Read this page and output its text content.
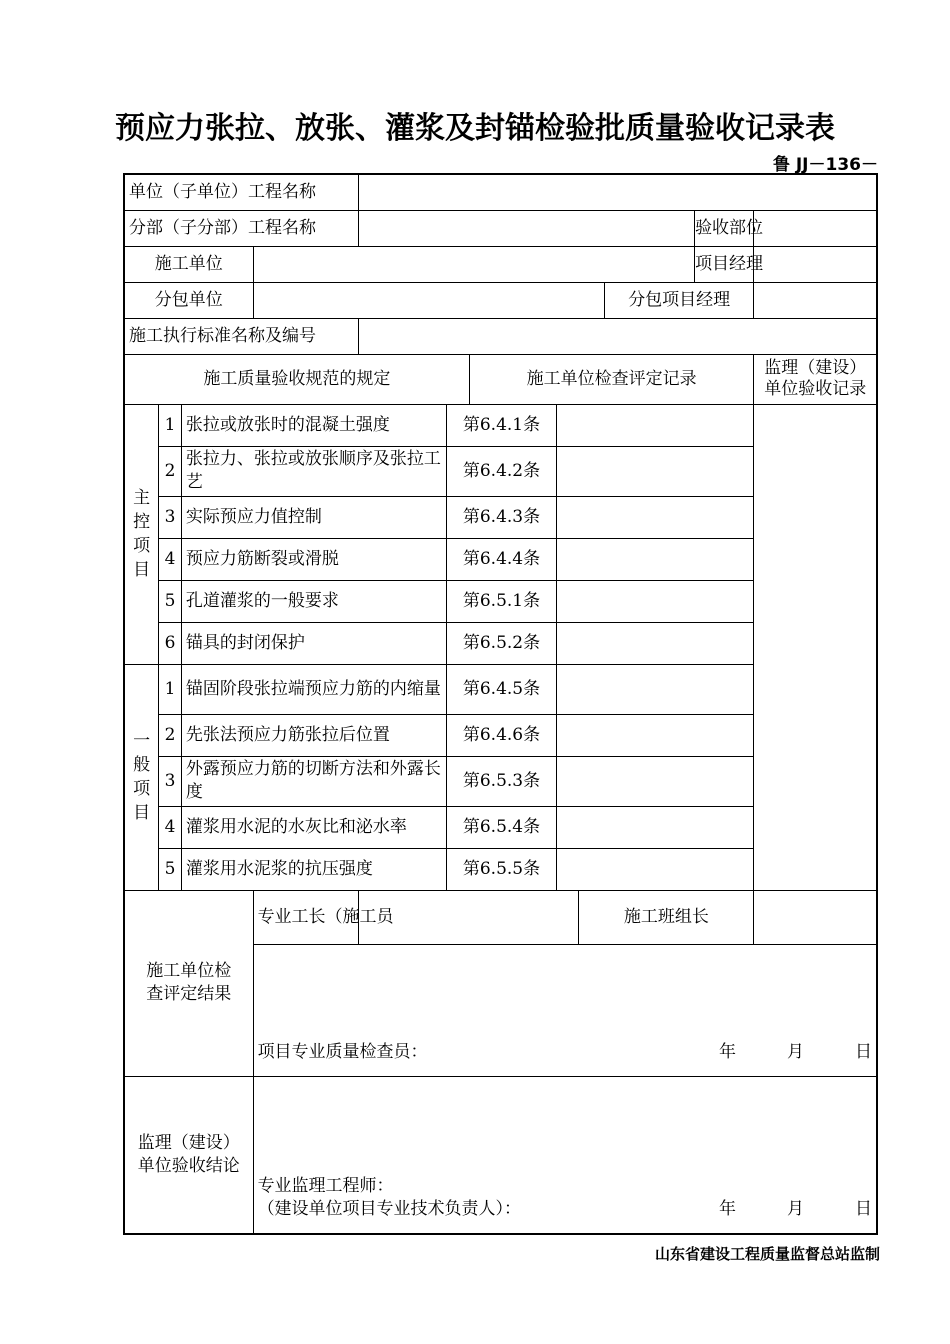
预应力张拉、放张、灌浆及封锚检验批质量验收记录表
鲁 JJ－136－
单位（子单位）工程名称											
分部（子分部）工程名称										验收部位	
施工单位										项目经理	
分包单位									分包项目经理		
施工执行标准名称及编号											
施工质量验收规范的规定						施工单位检查评定记录					监理（建设）单位验收记录

主
控
项
目	1	张拉或放张时的混凝土强度			第6.4.1条						
	2	张拉力、张拉或放张顺序及张拉工艺			第6.4.2条						
	3	实际预应力值控制			第6.4.3条						
	4	预应力筋断裂或滑脱			第6.4.4条						
	5	孔道灌浆的一般要求			第6.5.1条						
	6	锚具的封闭保护			第6.5.2条						

一
般
项
目	1	锚固阶段张拉端预应力筋的内缩量			第6.4.5条						
	2	先张法预应力筋张拉后位置			第6.4.6条						
	3	外露预应力筋的切断方法和外露长度			第6.5.3条						
	4	灌浆用水泥的水灰比和泌水率			第6.5.4条						
	5	灌浆用水泥浆的抗压强度			第6.5.5条						
施工单位检查评定结果			专业工长（施工员					施工班组长			

			项目专业质量检查员： 年 月 日								

监理（建设）单位验收结论			专业监理工程师：
（建设单位项目专业技术负责人）： 年 月 日								
山东省建设工程质量监督总站监制
